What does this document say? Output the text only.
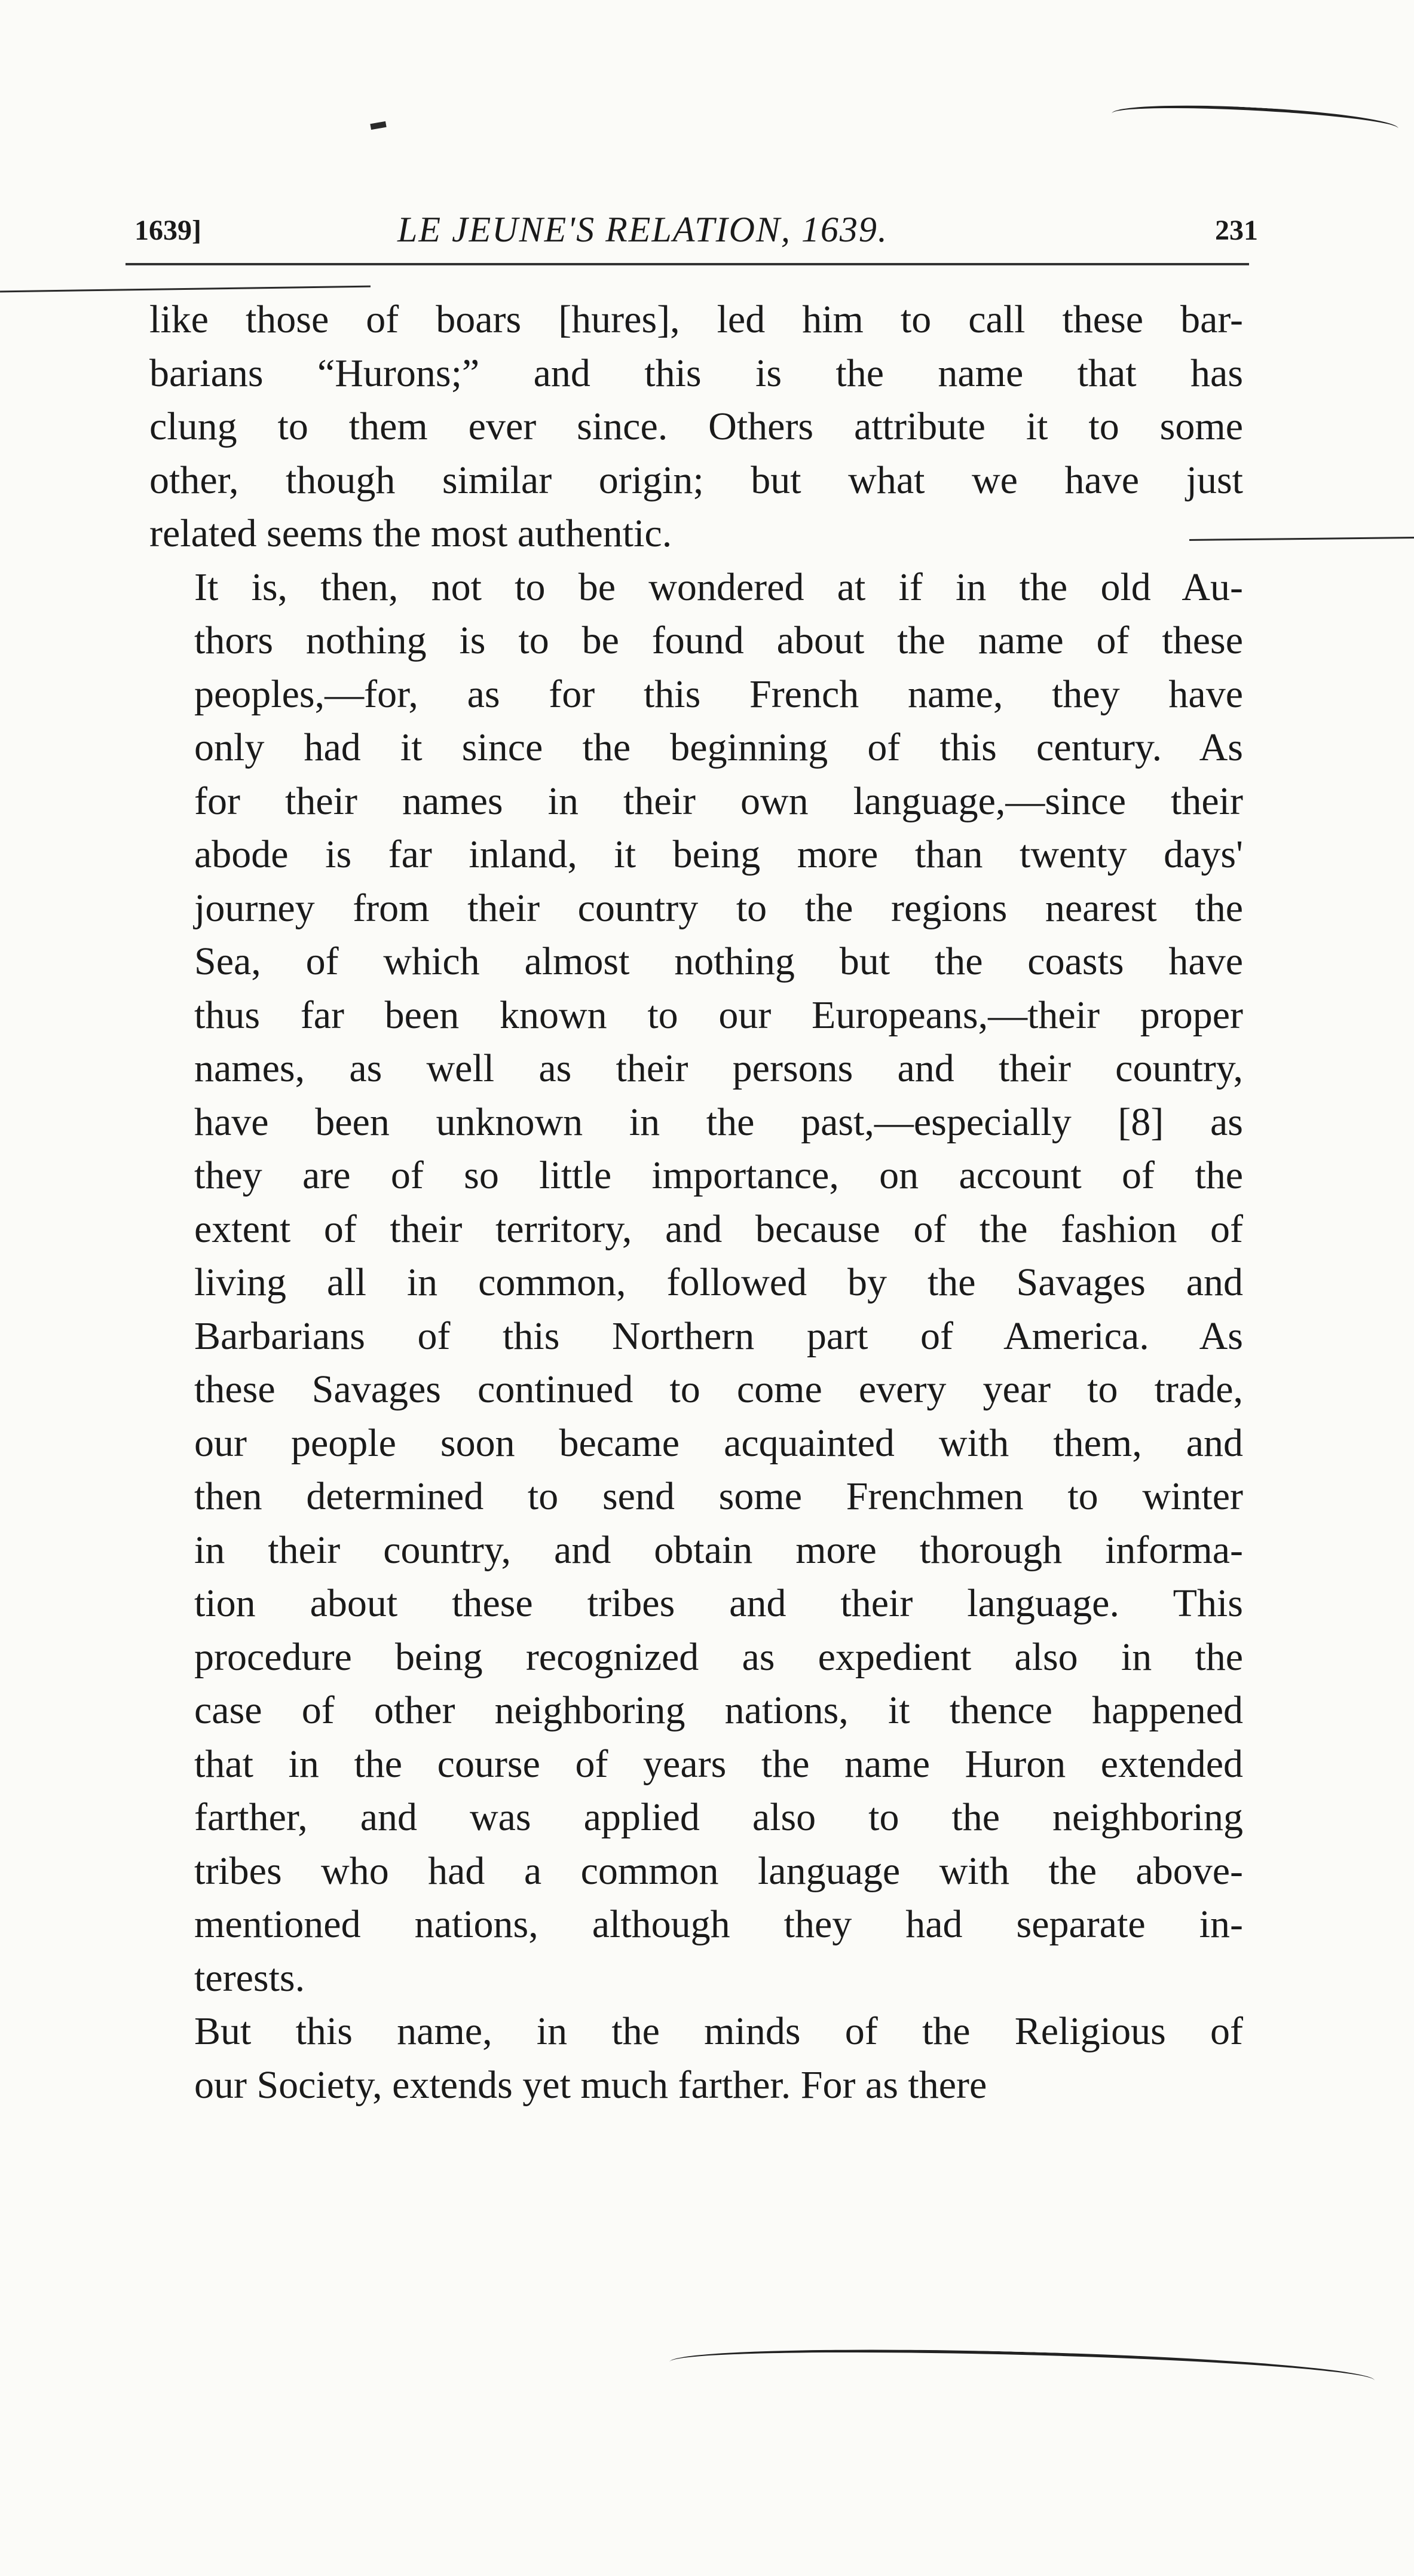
1639]	LE JEUNE'S RELATION, 1639.	231
like those of boars [hures], led him to call these bar-
barians “Hurons;” and this is the name that has
clung to them ever since. Others attribute it to some
other, though similar origin; but what we have just
related seems the most authentic.
It is, then, not to be wondered at if in the old Au-
thors nothing is to be found about the name of these
peoples,—for, as for this French name, they have
only had it since the beginning of this century. As
for their names in their own language,—since their
abode is far inland, it being more than twenty days'
journey from their country to the regions nearest the
Sea, of which almost nothing but the coasts have
thus far been known to our Europeans,—their proper
names, as well as their persons and their country,
have been unknown in the past,—especially [8] as
they are of so little importance, on account of the
extent of their territory, and because of the fashion of
living all in common, followed by the Savages and
Barbarians of this Northern part of America. As
these Savages continued to come every year to trade,
our people soon became acquainted with them, and
then determined to send some Frenchmen to winter
in their country, and obtain more thorough informa-
tion about these tribes and their language. This
procedure being recognized as expedient also in the
case of other neighboring nations, it thence happened
that in the course of years the name Huron extended
farther, and was applied also to the neighboring
tribes who had a common language with the above-
mentioned nations, although they had separate in-
terests.
But this name, in the minds of the Religious of
our Society, extends yet much farther. For as there
